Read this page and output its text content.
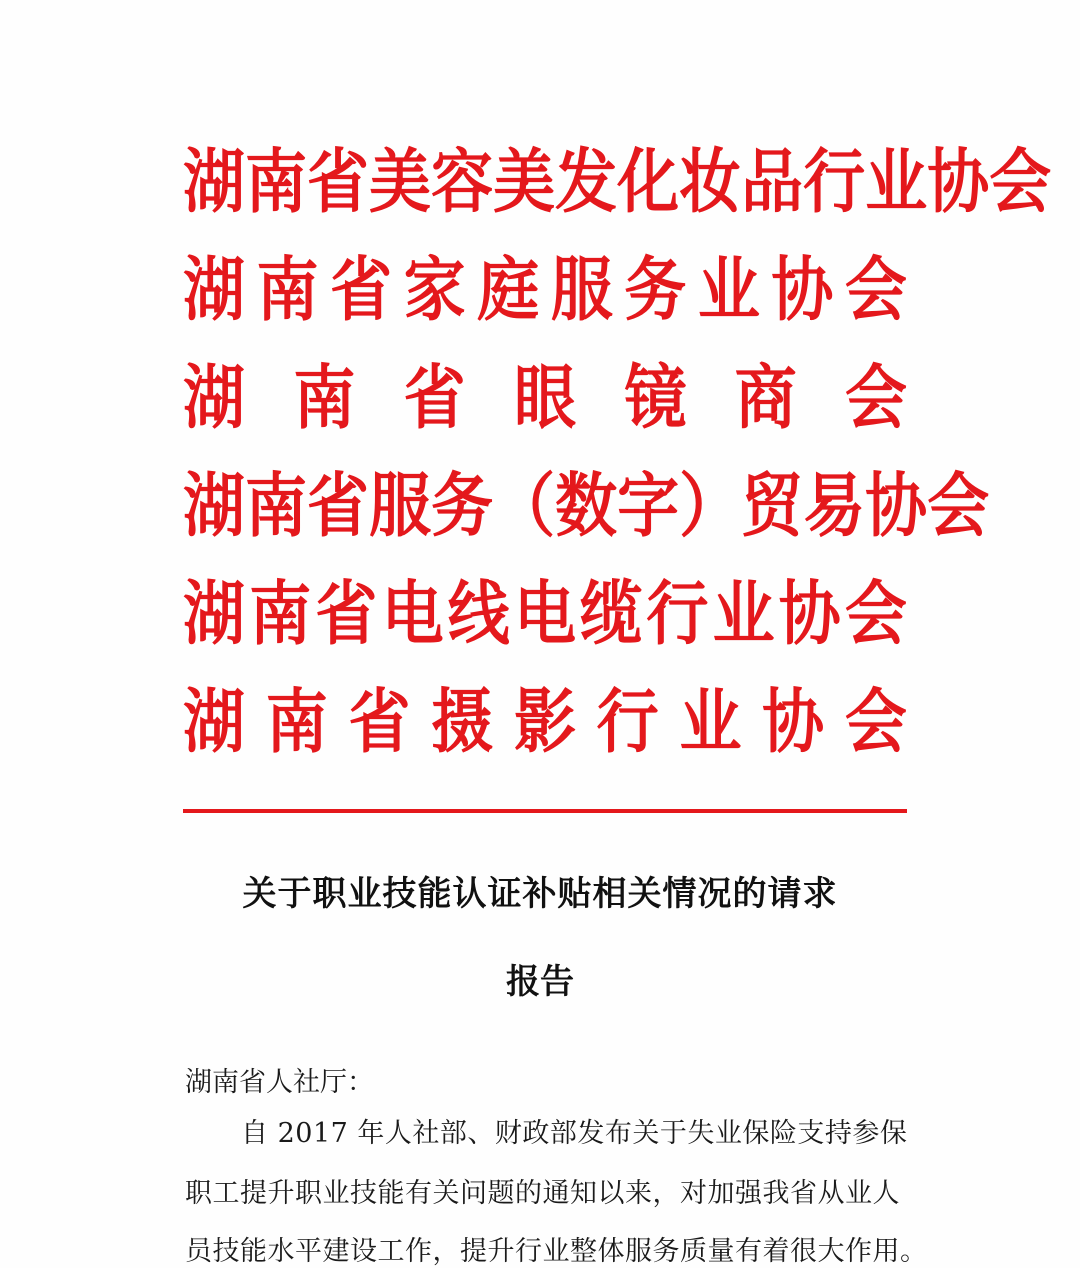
湖 南 省 美 容 美 发 化 妆 品 行 业 协 会
湖 南 省 家 庭 服 务 业 协 会
湖 南 省 眼 镜 商 会
湖 南 省 服 务 （ 数 字 ） 贸 易 协 会
湖 南 省 电 线 电 缆 行 业 协 会
湖 南 省 摄 影 行 业 协 会
关于职业技能认证补贴相关情况的请求
报告
湖南省人社厅：
自 2017 年人社部、财政部发布关于失业保险支持参保
职工提升职业技能有关问题的通知以来，对加强我省从业人
员技能水平建设工作，提升行业整体服务质量有着很大作用。
